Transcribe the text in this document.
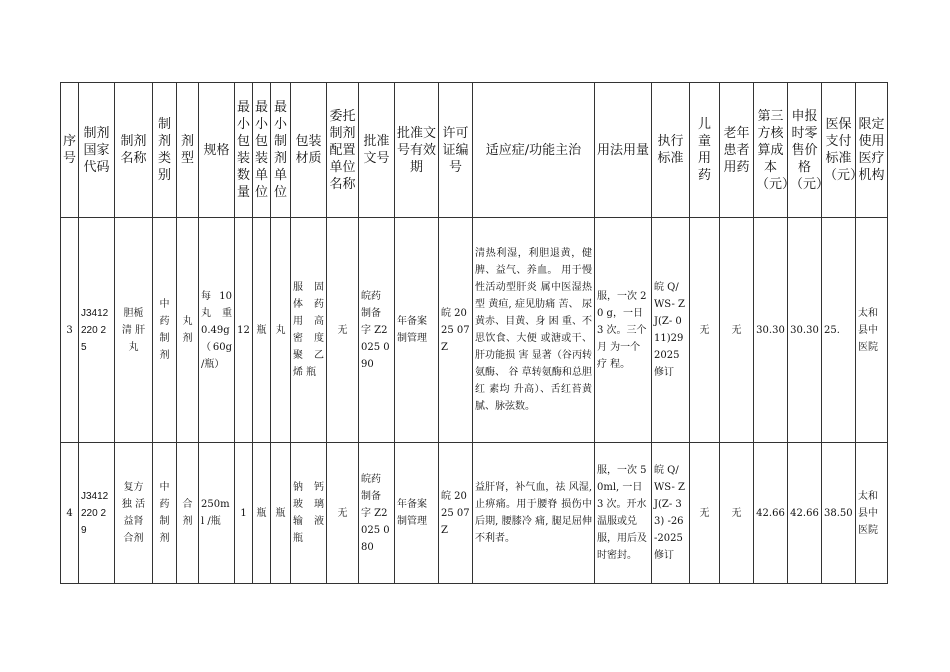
序号	制剂国家代码	制剂名称	制剂类别	剂型	规格	最小包装数量	最小包装单位	最小制剂单位	包装材质	委托制剂配置单位名称	批准文号	批准文号有效期	许可证编号	适应症/功能主治	用法用量	执行标准	儿童用药	老年患者用药	第三方核算成本（元）	申报时零售价格（元）	医保支付标准（元）	限定使用医疗机构
3	J3412 220 2 5	胆栀 清 肝丸	中 药制 剂	丸 剂	每 10 丸 重 0.49g （60g /瓶）	12	瓶	丸	服 固 体 药 用 高 密 度 聚 乙 烯 瓶	无	皖药 制备 字 Z2025 090	年备案 制管理	皖 2025 07Z	清热利湿，利胆退黄，健脾、益气、养血。 用于慢性活动型肝炎 属中医湿热型 黄疸, 症见肋痛 苦、 尿黄赤、目黄、身 困 重、不思饮食、大便 或溏或干、肝功能损 害 显著（谷丙转氨酶、 谷 草转氨酶和总胆红 素均 升高）、舌红苔黄 腻、脉弦数。	服，一次 20 g，一日 3 次。三个 月 为一个 疗 程。	皖 Q/WS- ZJ(Z- 011)29 2025 修订	无	无	30.30	30.30	25.	太和 县中 医院
4	J3412 220 2 9	复方 独 活 益肾 合剂	中 药制 剂	合 剂	250ml /瓶	1	瓶	瓶	钠 钙 玻 璃 输 液 瓶	无	皖药 制备 字 Z2025 080	年备案 制管理	皖 2025 07Z	益肝肾，补气血，祛 风湿, 止痹痛。用于腰脊 损伤中后期, 腰膝冷 痛, 腿足屈伸不利者。	服，一次 50ml, 一日 3 次。开水 温服或兑 服，用后及 时密封。	皖 Q/WS- ZJ(Z- 33) -26 -2025 修订	无	无	42.66	42.66	38.50	太和 县中 医院
